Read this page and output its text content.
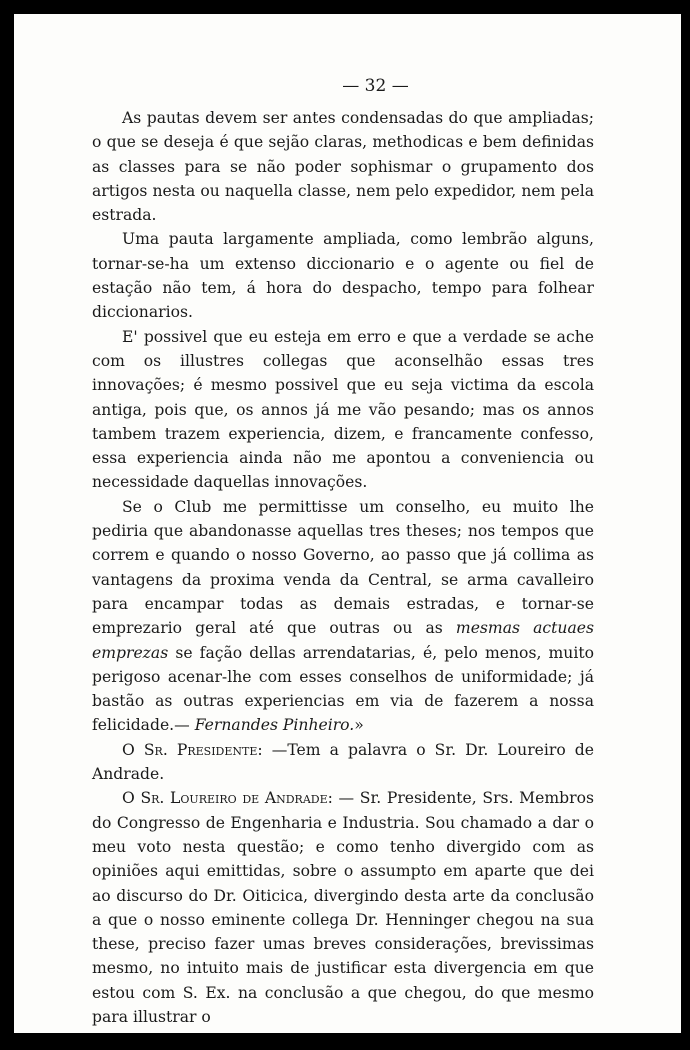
— 32 —

As pautas devem ser antes condensadas do que ampliadas; o que se deseja é que sejão claras, methodicas e bem definidas as classes para se não poder sophismar o grupamento dos artigos nesta ou naquella classe, nem pelo expedidor, nem pela estrada.

Uma pauta largamente ampliada, como lembrão alguns, tornar-se-ha um extenso diccionario e o agente ou fiel de estação não tem, á hora do despacho, tempo para folhear diccionarios.

E' possivel que eu esteja em erro e que a verdade se ache com os illustres collegas que aconselhão essas tres innovações; é mesmo possivel que eu seja victima da escola antiga, pois que, os annos já me vão pesando; mas os annos tambem trazem experiencia, dizem, e francamente confesso, essa experiencia ainda não me apontou a conveniencia ou necessidade daquellas innovações.

Se o Club me permittisse um conselho, eu muito lhe pediria que abandonasse aquellas tres theses; nos tempos que correm e quando o nosso Governo, ao passo que já collima as vantagens da proxima venda da Central, se arma cavalleiro para encampar todas as demais estradas, e tornar-se emprezario geral até que outras ou as mesmas actuaes emprezas se fação dellas arrendatarias, é, pelo menos, muito perigoso acenar-lhe com esses conselhos de uniformidade; já bastão as outras experiencias em via de fazerem a nossa felicidade.— Fernandes Pinheiro.»

O Sr. Presidente: —Tem a palavra o Sr. Dr. Loureiro de Andrade.

O Sr. Loureiro de Andrade: — Sr. Presidente, Srs. Membros do Congresso de Engenharia e Industria. Sou chamado a dar o meu voto nesta questão; e como tenho divergido com as opiniões aqui emittidas, sobre o assumpto em aparte que dei ao discurso do Dr. Oiticica, divergindo desta arte da conclusão a que o nosso eminente collega Dr. Henninger chegou na sua these, preciso fazer umas breves considerações, brevissimas mesmo, no intuito mais de justificar esta divergencia em que estou com S. Ex. na conclusão a que chegou, do que mesmo para illustrar o
